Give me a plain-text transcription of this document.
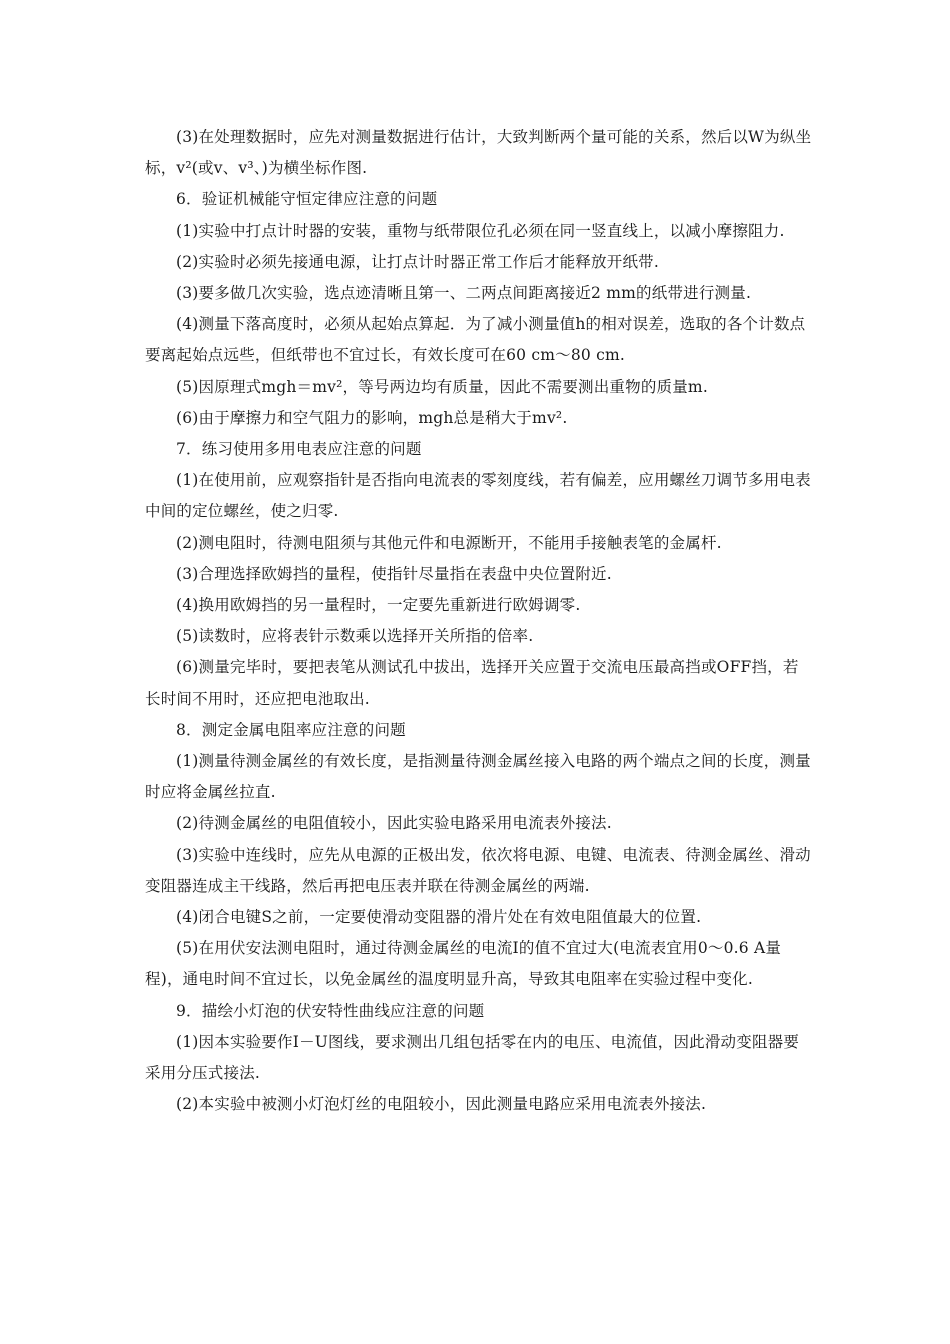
(3)在处理数据时，应先对测量数据进行估计，大致判断两个量可能的关系，然后以W为纵坐标，v²(或v、v³、)为横坐标作图.

6．验证机械能守恒定律应注意的问题

(1)实验中打点计时器的安装，重物与纸带限位孔必须在同一竖直线上，以减小摩擦阻力.

(2)实验时必须先接通电源，让打点计时器正常工作后才能释放开纸带.

(3)要多做几次实验，选点迹清晰且第一、二两点间距离接近2 mm的纸带进行测量.

(4)测量下落高度时，必须从起始点算起．为了减小测量值h的相对误差，选取的各个计数点要离起始点远些，但纸带也不宜过长，有效长度可在60 cm～80 cm.

(5)因原理式mgh＝mv²，等号两边均有质量，因此不需要测出重物的质量m.

(6)由于摩擦力和空气阻力的影响，mgh总是稍大于mv².

7．练习使用多用电表应注意的问题

(1)在使用前，应观察指针是否指向电流表的零刻度线，若有偏差，应用螺丝刀调节多用电表中间的定位螺丝，使之归零.

(2)测电阻时，待测电阻须与其他元件和电源断开，不能用手接触表笔的金属杆.

(3)合理选择欧姆挡的量程，使指针尽量指在表盘中央位置附近.

(4)换用欧姆挡的另一量程时，一定要先重新进行欧姆调零.

(5)读数时，应将表针示数乘以选择开关所指的倍率.

(6)测量完毕时，要把表笔从测试孔中拔出，选择开关应置于交流电压最高挡或OFF挡，若长时间不用时，还应把电池取出.

8．测定金属电阻率应注意的问题

(1)测量待测金属丝的有效长度，是指测量待测金属丝接入电路的两个端点之间的长度，测量时应将金属丝拉直.

(2)待测金属丝的电阻值较小，因此实验电路采用电流表外接法.

(3)实验中连线时，应先从电源的正极出发，依次将电源、电键、电流表、待测金属丝、滑动变阻器连成主干线路，然后再把电压表并联在待测金属丝的两端.

(4)闭合电键S之前，一定要使滑动变阻器的滑片处在有效电阻值最大的位置.

(5)在用伏安法测电阻时，通过待测金属丝的电流I的值不宜过大(电流表宜用0～0.6 A量程)，通电时间不宜过长，以免金属丝的温度明显升高，导致其电阻率在实验过程中变化.

9．描绘小灯泡的伏安特性曲线应注意的问题

(1)因本实验要作I－U图线，要求测出几组包括零在内的电压、电流值，因此滑动变阻器要采用分压式接法.

(2)本实验中被测小灯泡灯丝的电阻较小，因此测量电路应采用电流表外接法.
